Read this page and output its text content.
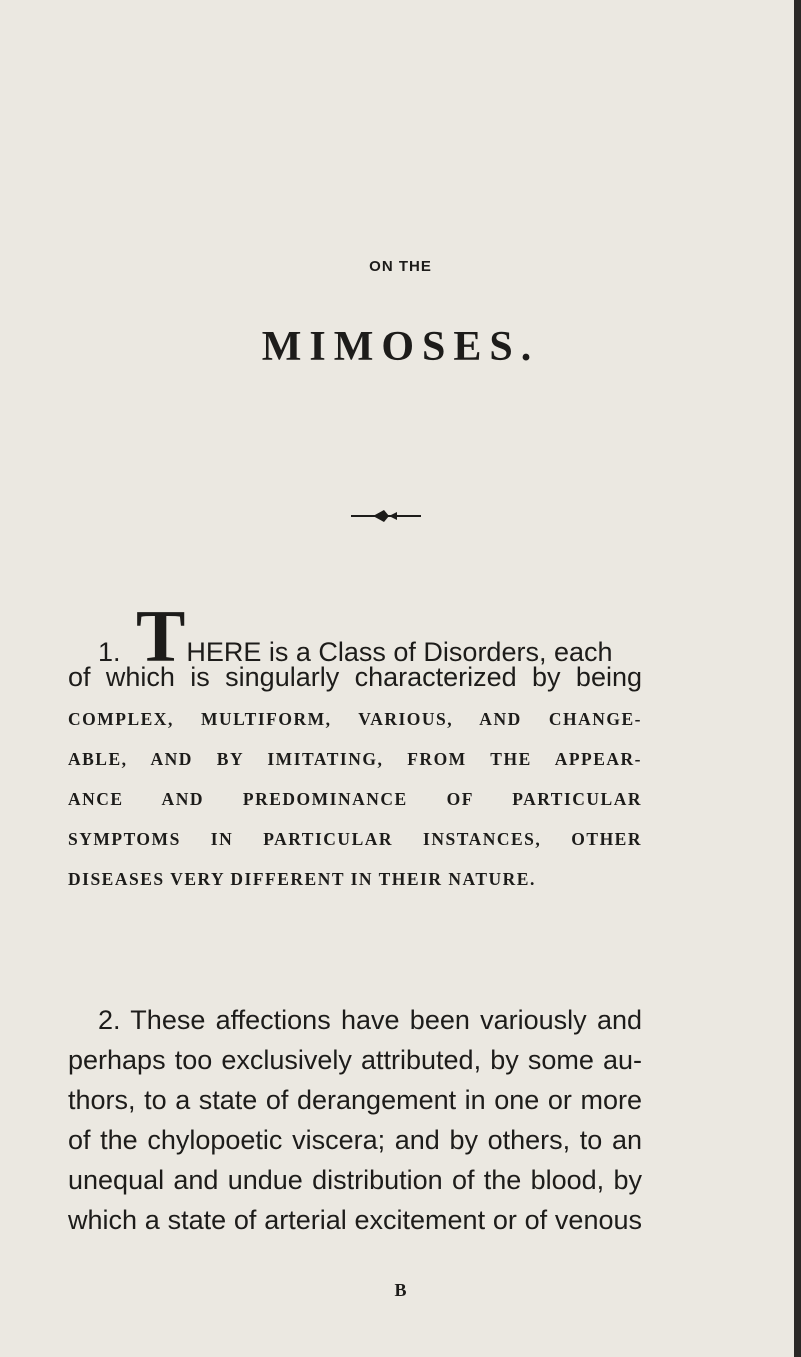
ON THE
MIMOSES.
1. THERE is a Class of Disorders, each
of which is singularly characterized by being
COMPLEX, MULTIFORM, VARIOUS, AND CHANGE-
ABLE, AND BY IMITATING, FROM THE APPEAR-
ANCE AND PREDOMINANCE OF PARTICULAR
SYMPTOMS IN PARTICULAR INSTANCES, OTHER
DISEASES VERY DIFFERENT IN THEIR NATURE.
2. These affections have been variously and
perhaps too exclusively attributed, by some au-
thors, to a state of derangement in one or more
of the chylopoetic viscera; and by others, to an
unequal and undue distribution of the blood, by
which a state of arterial excitement or of venous
B
